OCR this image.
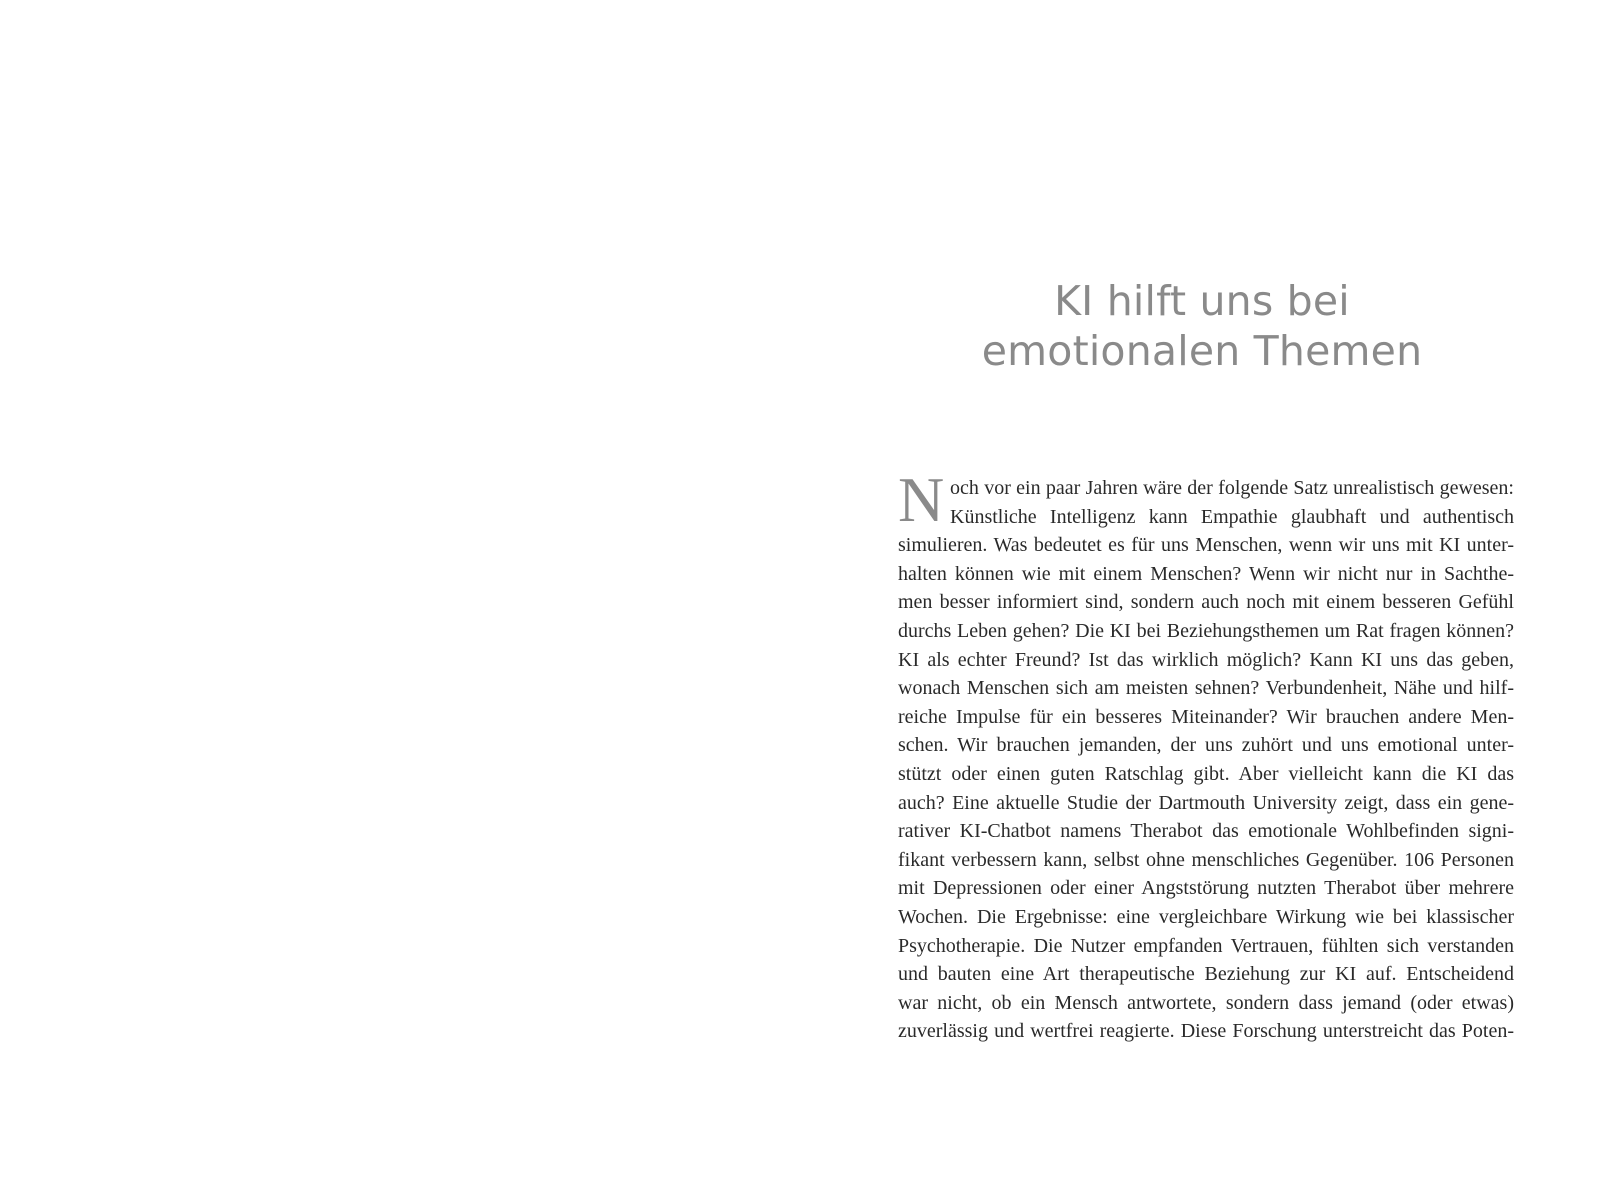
KI hilft uns bei
emotionalen Themen
N och vor ein paar Jahren wäre der folgende Satz unrealistisch gewesen:
Künstliche Intelligenz kann Empathie glaubhaft und authentisch
simulieren. Was bedeutet es für uns Menschen, wenn wir uns mit KI unter-
halten können wie mit einem Menschen? Wenn wir nicht nur in Sachthe-
men besser informiert sind, sondern auch noch mit einem besseren Gefühl
durchs Leben gehen? Die KI bei Beziehungsthemen um Rat fragen können?
KI als echter Freund? Ist das wirklich möglich? Kann KI uns das geben,
wonach Menschen sich am meisten sehnen? Verbundenheit, Nähe und hilf-
reiche Impulse für ein besseres Miteinander? Wir brauchen andere Men-
schen. Wir brauchen jemanden, der uns zuhört und uns emotional unter-
stützt oder einen guten Ratschlag gibt. Aber vielleicht kann die KI das
auch? Eine aktuelle Studie der Dartmouth University zeigt, dass ein gene-
rativer KI-Chatbot namens Therabot das emotionale Wohlbefinden signi-
fikant verbessern kann, selbst ohne menschliches Gegenüber. 106 Personen
mit Depressionen oder einer Angststörung nutzten Therabot über mehrere
Wochen. Die Ergebnisse: eine vergleichbare Wirkung wie bei klassischer
Psychotherapie. Die Nutzer empfanden Vertrauen, fühlten sich verstanden
und bauten eine Art therapeutische Beziehung zur KI auf. Entscheidend
war nicht, ob ein Mensch antwortete, sondern dass jemand (oder etwas)
zuverlässig und wertfrei reagierte. Diese Forschung unterstreicht das Poten-
